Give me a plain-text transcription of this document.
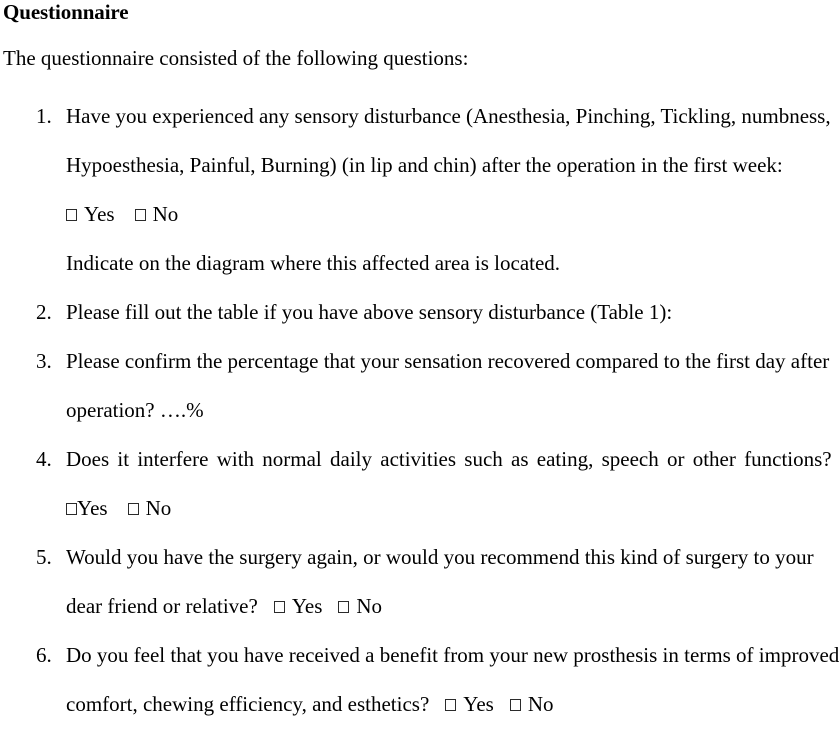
Questionnaire
The questionnaire consisted of the following questions:
1. Have you experienced any sensory disturbance (Anesthesia, Pinching, Tickling, numbness,
Hypoesthesia, Painful, Burning) (in lip and chin) after the operation in the first week:
Yes No
Indicate on the diagram where this affected area is located.
2. Please fill out the table if you have above sensory disturbance (Table 1):
3. Please confirm the percentage that your sensation recovered compared to the first day after
operation? ….%
4. Does it interfere with normal daily activities such as eating, speech or other functions?
Yes No
5. Would you have the surgery again, or would you recommend this kind of surgery to your
dear friend or relative? Yes No
6. Do you feel that you have received a benefit from your new prosthesis in terms of improved
comfort, chewing efficiency, and esthetics? Yes No
